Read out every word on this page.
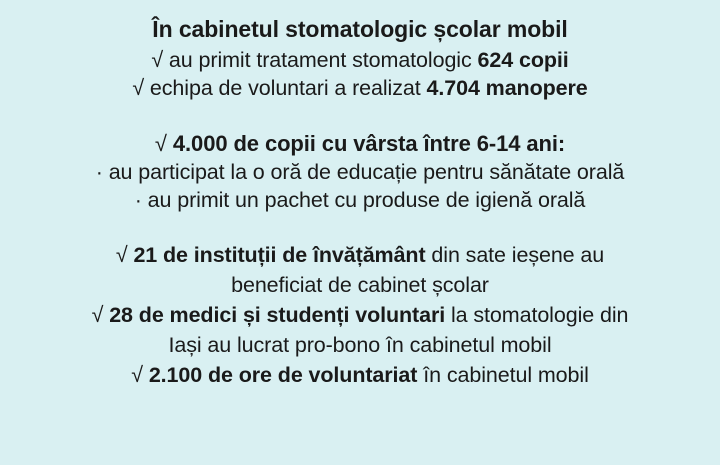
În cabinetul stomatologic școlar mobil
√ au primit tratament stomatologic 624 copii
√ echipa de voluntari a realizat 4.704 manopere
√ 4.000 de copii cu vârsta între 6-14 ani:
· au participat la o oră de educație pentru sănătate orală
· au primit un pachet cu produse de igienă orală
√ 21 de instituții de învățământ din sate ieșene au
beneficiat de cabinet școlar
√ 28 de medici și studenți voluntari la stomatologie din
Iași au lucrat pro-bono în cabinetul mobil
√ 2.100 de ore de voluntariat în cabinetul mobil
